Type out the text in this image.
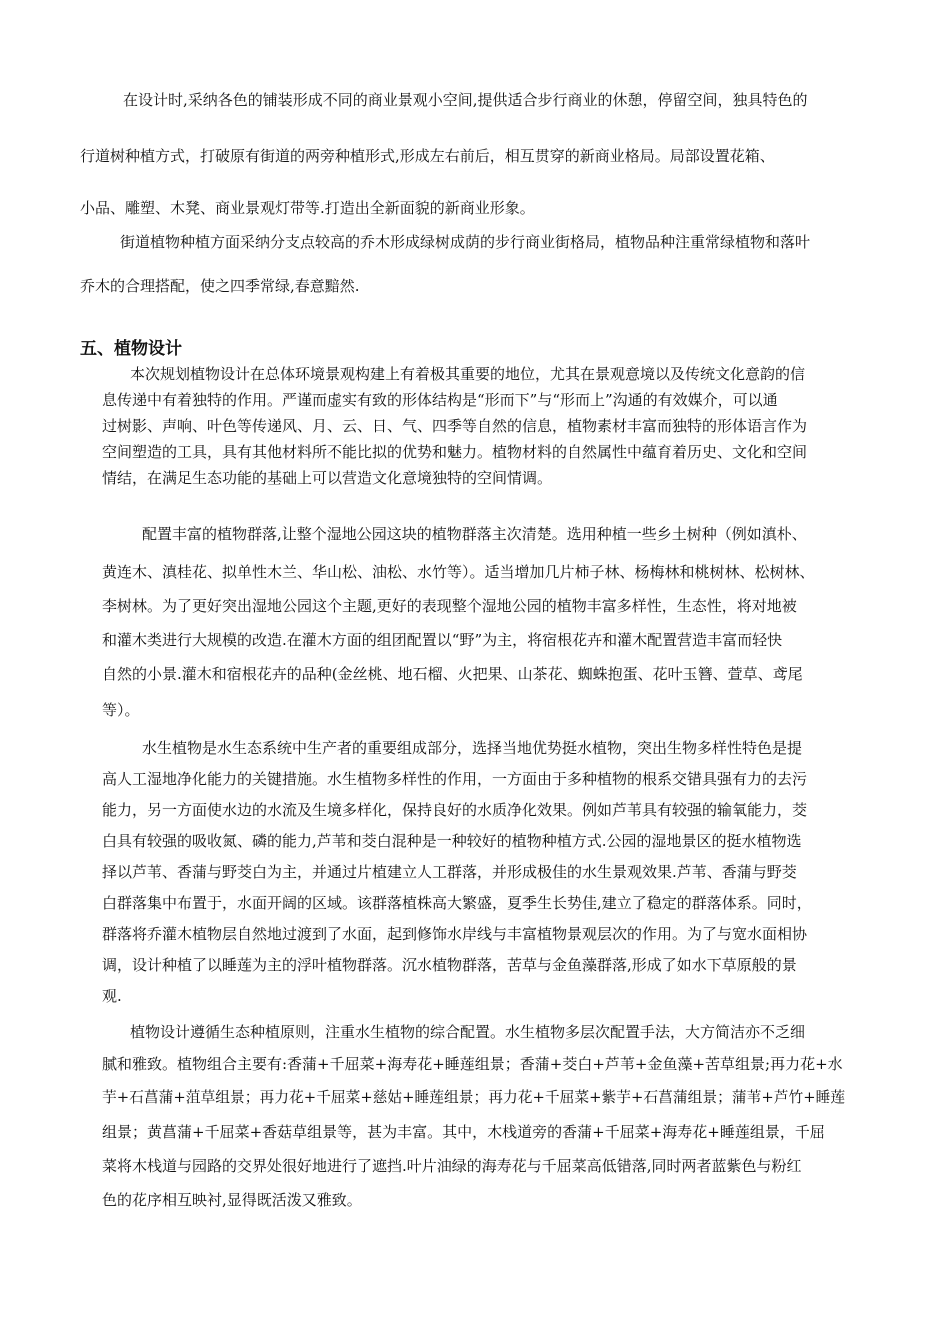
在设计时,采纳各色的铺装形成不同的商业景观小空间,提供适合步行商业的休憩，停留空间，独具特色的
行道树种植方式，打破原有街道的两旁种植形式,形成左右前后，相互贯穿的新商业格局。局部设置花箱、
小品、雕塑、木凳、商业景观灯带等.打造出全新面貌的新商业形象。
街道植物种植方面采纳分支点较高的乔木形成绿树成荫的步行商业街格局，植物品种注重常绿植物和落叶
乔木的合理搭配，使之四季常绿,春意黯然.
五、植物设计
本次规划植物设计在总体环境景观构建上有着极其重要的地位，尤其在景观意境以及传统文化意韵的信
息传递中有着独特的作用。严谨而虚实有致的形体结构是“形而下”与“形而上”沟通的有效媒介，可以通
过树影、声响、叶色等传递风、月、云、日、气、四季等自然的信息，植物素材丰富而独特的形体语言作为
空间塑造的工具，具有其他材料所不能比拟的优势和魅力。植物材料的自然属性中蕴育着历史、文化和空间
情结，在满足生态功能的基础上可以营造文化意境独特的空间情调。
配置丰富的植物群落,让整个湿地公园这块的植物群落主次清楚。选用种植一些乡土树种（例如滇朴、
黄连木、滇桂花、拟单性木兰、华山松、油松、水竹等）。适当增加几片柿子林、杨梅林和桃树林、松树林、
李树林。为了更好突出湿地公园这个主题,更好的表现整个湿地公园的植物丰富多样性，生态性，将对地被
和灌木类进行大规模的改造.在灌木方面的组团配置以“野”为主，将宿根花卉和灌木配置营造丰富而轻快
自然的小景.灌木和宿根花卉的品种(金丝桃、地石榴、火把果、山茶花、蜘蛛抱蛋、花叶玉簪、萱草、鸢尾
等）。
水生植物是水生态系统中生产者的重要组成部分，选择当地优势挺水植物，突出生物多样性特色是提
高人工湿地净化能力的关键措施。水生植物多样性的作用，一方面由于多种植物的根系交错具强有力的去污
能力，另一方面使水边的水流及生境多样化，保持良好的水质净化效果。例如芦苇具有较强的输氧能力，茭
白具有较强的吸收氮、磷的能力,芦苇和茭白混种是一种较好的植物种植方式.公园的湿地景区的挺水植物选
择以芦苇、香蒲与野茭白为主，并通过片植建立人工群落，并形成极佳的水生景观效果.芦苇、香蒲与野茭
白群落集中布置于，水面开阔的区域。该群落植株高大繁盛，夏季生长势佳,建立了稳定的群落体系。同时，
群落将乔灌木植物层自然地过渡到了水面，起到修饰水岸线与丰富植物景观层次的作用。为了与宽水面相协
调，设计种植了以睡莲为主的浮叶植物群落。沉水植物群落，苦草与金鱼藻群落,形成了如水下草原般的景
观.
植物设计遵循生态种植原则，注重水生植物的综合配置。水生植物多层次配置手法，大方简洁亦不乏细
腻和雅致。植物组合主要有:香蒲+千屈菜+海寿花+睡莲组景；香蒲+茭白+芦苇+金鱼藻+苦草组景;再力花+水
芋+石菖蒲+菹草组景；再力花+千屈菜+慈姑+睡莲组景；再力花+千屈菜+紫芋+石菖蒲组景；蒲苇+芦竹+睡莲
组景；黄菖蒲+千屈菜+香菇草组景等，甚为丰富。其中，木栈道旁的香蒲+千屈菜+海寿花+睡莲组景，千屈
菜将木栈道与园路的交界处很好地进行了遮挡.叶片油绿的海寿花与千屈菜高低错落,同时两者蓝紫色与粉红
色的花序相互映衬,显得既活泼又雅致。
